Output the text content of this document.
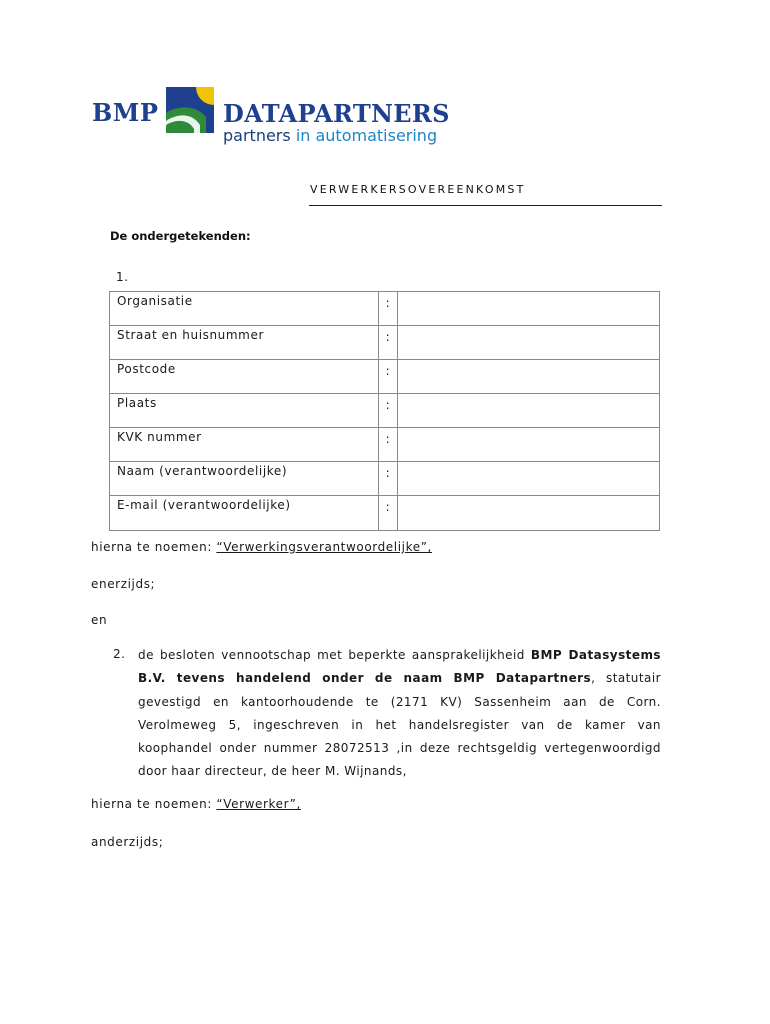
BMP	DATAPARTNERS
partners in automatisering
VERWERKERSOVEREENKOMST
De ondergetekenden:
1.
Organisatie	:	
Straat en huisnummer	:	
Postcode	:	
Plaats	:	
KVK nummer	:	
Naam (verantwoordelijke)	:	
E-mail (verantwoordelijke)	:	
hierna te noemen: “Verwerkingsverantwoordelijke”,
enerzijds;
en
2. de besloten vennootschap met beperkte aansprakelijkheid BMP Datasystems B.V. tevens handelend onder de naam BMP Datapartners, statutair gevestigd en kantoorhoudende te (2171 KV) Sassenheim aan de Corn. Verolmeweg 5, ingeschreven in het handelsregister van de kamer van koophandel onder nummer 28072513 ,in deze rechtsgeldig vertegenwoordigd door haar directeur, de heer M. Wijnands,
hierna te noemen: “Verwerker”,
anderzijds;
